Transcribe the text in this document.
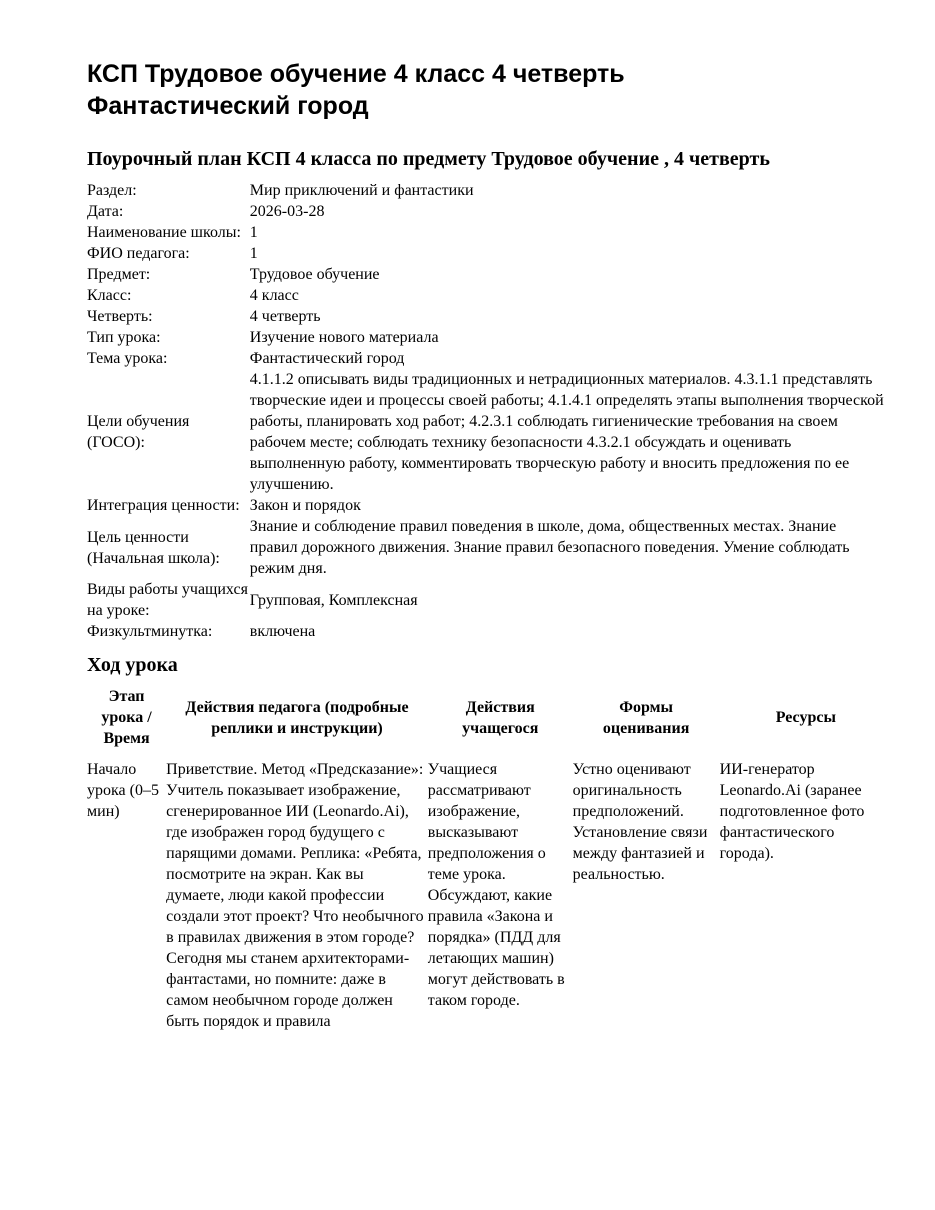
КСП Трудовое обучение 4 класс 4 четверть
Фантастический город
Поурочный план КСП 4 класса по предмету Трудовое обучение , 4 четверть
Раздел:	Мир приключений и фантастики
Дата:	2026-03-28
Наименование школы:	1
ФИО педагога:	1
Предмет:	Трудовое обучение
Класс:	4 класс
Четверть:	4 четверть
Тип урока:	Изучение нового материала
Тема урока:	Фантастический город
Цели обучения (ГОСО):	4.1.1.2 описывать виды традиционных и нетрадиционных материалов. 4.3.1.1 представлять творческие идеи и процессы своей работы; 4.1.4.1 определять этапы выполнения творческой работы, планировать ход работ; 4.2.3.1 соблюдать гигиенические требования на своем рабочем месте; соблюдать технику безопасности 4.3.2.1 обсуждать и оценивать выполненную работу, комментировать творческую работу и вносить предложения по ее улучшению.
Интеграция ценности:	Закон и порядок
Цель ценности (Начальная школа):	Знание и соблюдение правил поведения в школе, дома, общественных местах. Знание правил дорожного движения. Знание правил безопасного поведения. Умение соблюдать режим дня.
Виды работы учащихся на уроке:	Групповая, Комплексная
Физкультминутка:	включена
Ход урока
Этап урока / Время	Действия педагога (подробные реплики и инструкции)	Действия учащегося	Формы оценивания	Ресурсы
Начало урока (0–5 мин)	Приветствие. Метод «Предсказание»: Учитель показывает изображение, сгенерированное ИИ (Leonardo.Ai), где изображен город будущего с парящими домами. Реплика: «Ребята, посмотрите на экран. Как вы думаете, люди какой профессии создали этот проект? Что необычного в правилах движения в этом городе? Сегодня мы станем архитекторами-фантастами, но помните: даже в самом необычном городе должен быть порядок и правила	Учащиеся рассматривают изображение, высказывают предположения о теме урока. Обсуждают, какие правила «Закона и порядка» (ПДД для летающих машин) могут действовать в таком городе.	Устно оценивают оригинальность предположений. Установление связи между фантазией и реальностью.	ИИ-генератор Leonardo.Ai (заранее подготовленное фото фантастического города).
